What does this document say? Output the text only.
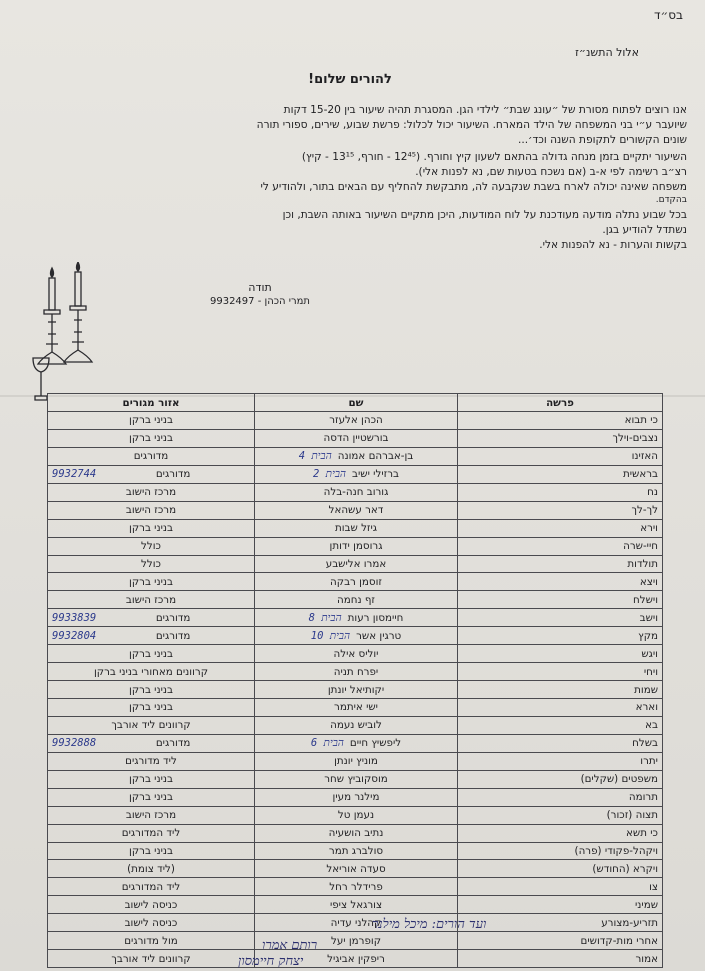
בס״ד
אלול התשנ״ז
להורים שלום!
אנו רוצים לפתוח מסורת של ״עונג שבת״ לילדי הגן. המסגרת תהיה שיעור בין 15-20 דקות
שיועבר ע״י בני המשפחה של הילד המארח. השיעור יכול לכלול: פרשת שבוע, שירים, ספורי תורה
שונים הקשורים לתקופת השנה וכד׳...
השיעור יתקיים בזמן מנחה גדולה בהתאם לשעון קיץ וחורף. (12⁴⁵ - חורף, 13¹⁵ - קיץ)
רצ״ב רשימה לפי א-ב (אם נשכח בטעות שם, נא לפנות אלי).
משפחה שאינה יכולה לארח בשבת שנקבעה לה, מתבקשת להחליף עם הבאים בתור, ולהודיע לי
בהקדם.
בכל שבוע נתלה מודעה מעודכנת על לוח המודעות, היכן מתקיים השיעור באותה השבת, וכן
נשתדל להודיע בגן.
בקשות והערות - נא להפנות אלי.
תודה
תמרי הכהן - 9932497
פרשה	שם	אזור מגורים
כי תבוא	הכהן אלעזר	בניני ברקן
נצבים-וילך	בורשטיין הדסה	בניני ברקן
האזינו	בן-אברהם אמונההבית 4	מדורגים
בראשית	ברזילי ישיבהבית 2	9932744 מדורגים
נח	גורוב חנה-בלה	מרכז הישוב
לך-לך	דאר עשהאל	מרכז הישוב
וירא	גיזל שבות	בניני ברקן
חיי-שרה	גרוסמן ידותן	כולל
תולדות	אמרו אלישבע	כולל
ויצא	זוסמן רבקה	בניני ברקן
וישלח	זף נחמה	מרכז הישוב
וישב	חיימסון רעותהבית 8	9933839 מדורגים
מקץ	טרגין אשרהבית 10	9932804 מדורגים
ויגש	יוליס אילה	בניני ברקן
ויחי	יפרח תניה	קרוונים מאחורי בניני ברקן
שמות	יקותיאל יונתן	בניני ברקן
וארא	ישי איתמר	בניני ברקן
בא	לוביש נעמה	קרוונים ליד אורבך
בשלח	ליפשיץ חייםהבית 6	9932888 מדורגים
יתרו	מוניץ יונתן	ליד מדורגים
משפטים (שקלים)	מוסקוביץ שחר	בניני ברקן
תרומה	מילנר מעין	בניני ברקן
תצוה (זכור)	נעמן טל	מרכז הישוב
כי תשא	נתיב הושעיה	ליד המדורגים
ויקהל-פקודי (פרה)	סולברג תמר	בניני ברקן
ויקרא (החודש)	סעדה אוריאל	(ליד צומת)
צו	פרידלר רחל	ליד המדורגים
שמיני	צורגאל ציפי	כניסה לישוב
תזריע-מצורע	קהלני עדיה	כניסה לישוב
אחרי מות-קדושים	קופרמן יעל	מול מדורגים
אמור	ריפקין אביגיל	קרוונים ליד אורבך
ועד הורים: מיכל מילנר
רותם אמרו
יצחק חיימסון
